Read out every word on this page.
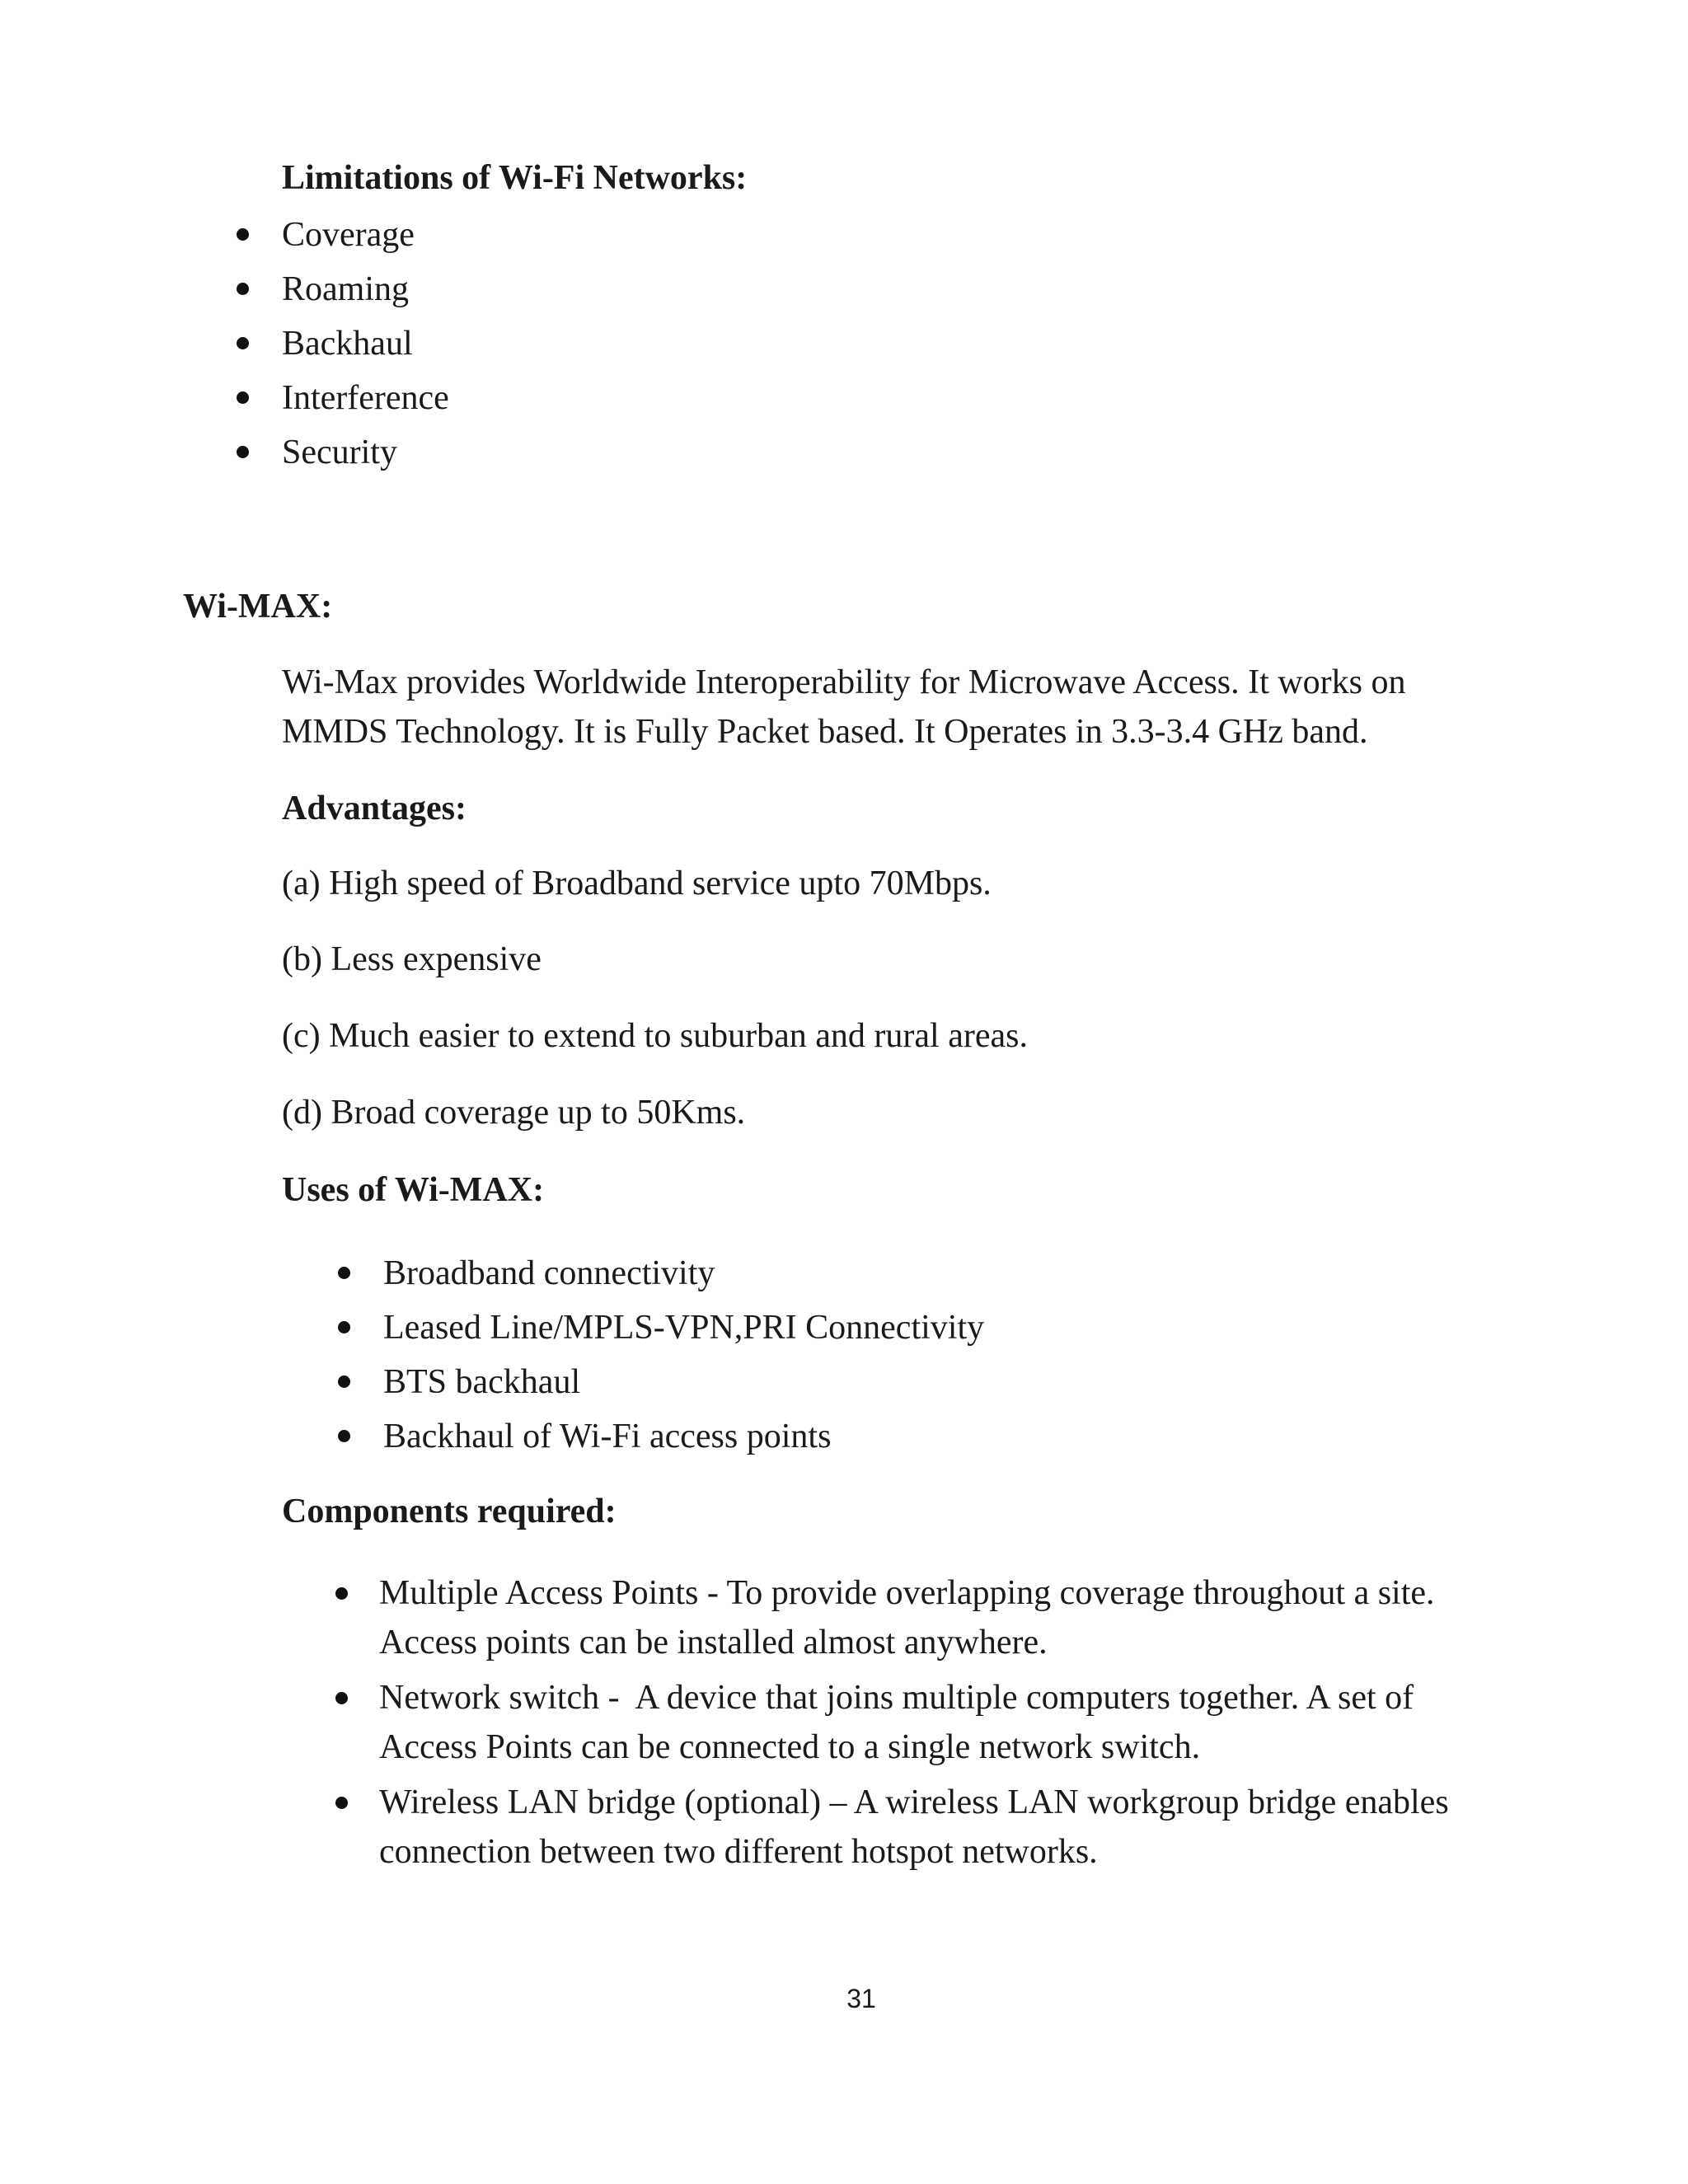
Limitations of Wi-Fi Networks:
Coverage
Roaming
Backhaul
Interference
Security
Wi-MAX:
Wi-Max provides Worldwide Interoperability for Microwave Access. It works on
MMDS Technology. It is Fully Packet based. It Operates in 3.3-3.4 GHz band.
Advantages:
(a) High speed of Broadband service upto 70Mbps.
(b) Less expensive
(c) Much easier to extend to suburban and rural areas.
(d) Broad coverage up to 50Kms.
Uses of Wi-MAX:
Broadband connectivity
Leased Line/MPLS-VPN,PRI Connectivity
BTS backhaul
Backhaul of Wi-Fi access points
Components required:
Multiple Access Points - To provide overlapping coverage throughout a site.
Access points can be installed almost anywhere.
Network switch -  A device that joins multiple computers together. A set of
Access Points can be connected to a single network switch.
Wireless LAN bridge (optional) – A wireless LAN workgroup bridge enables
connection between two different hotspot networks.
31
